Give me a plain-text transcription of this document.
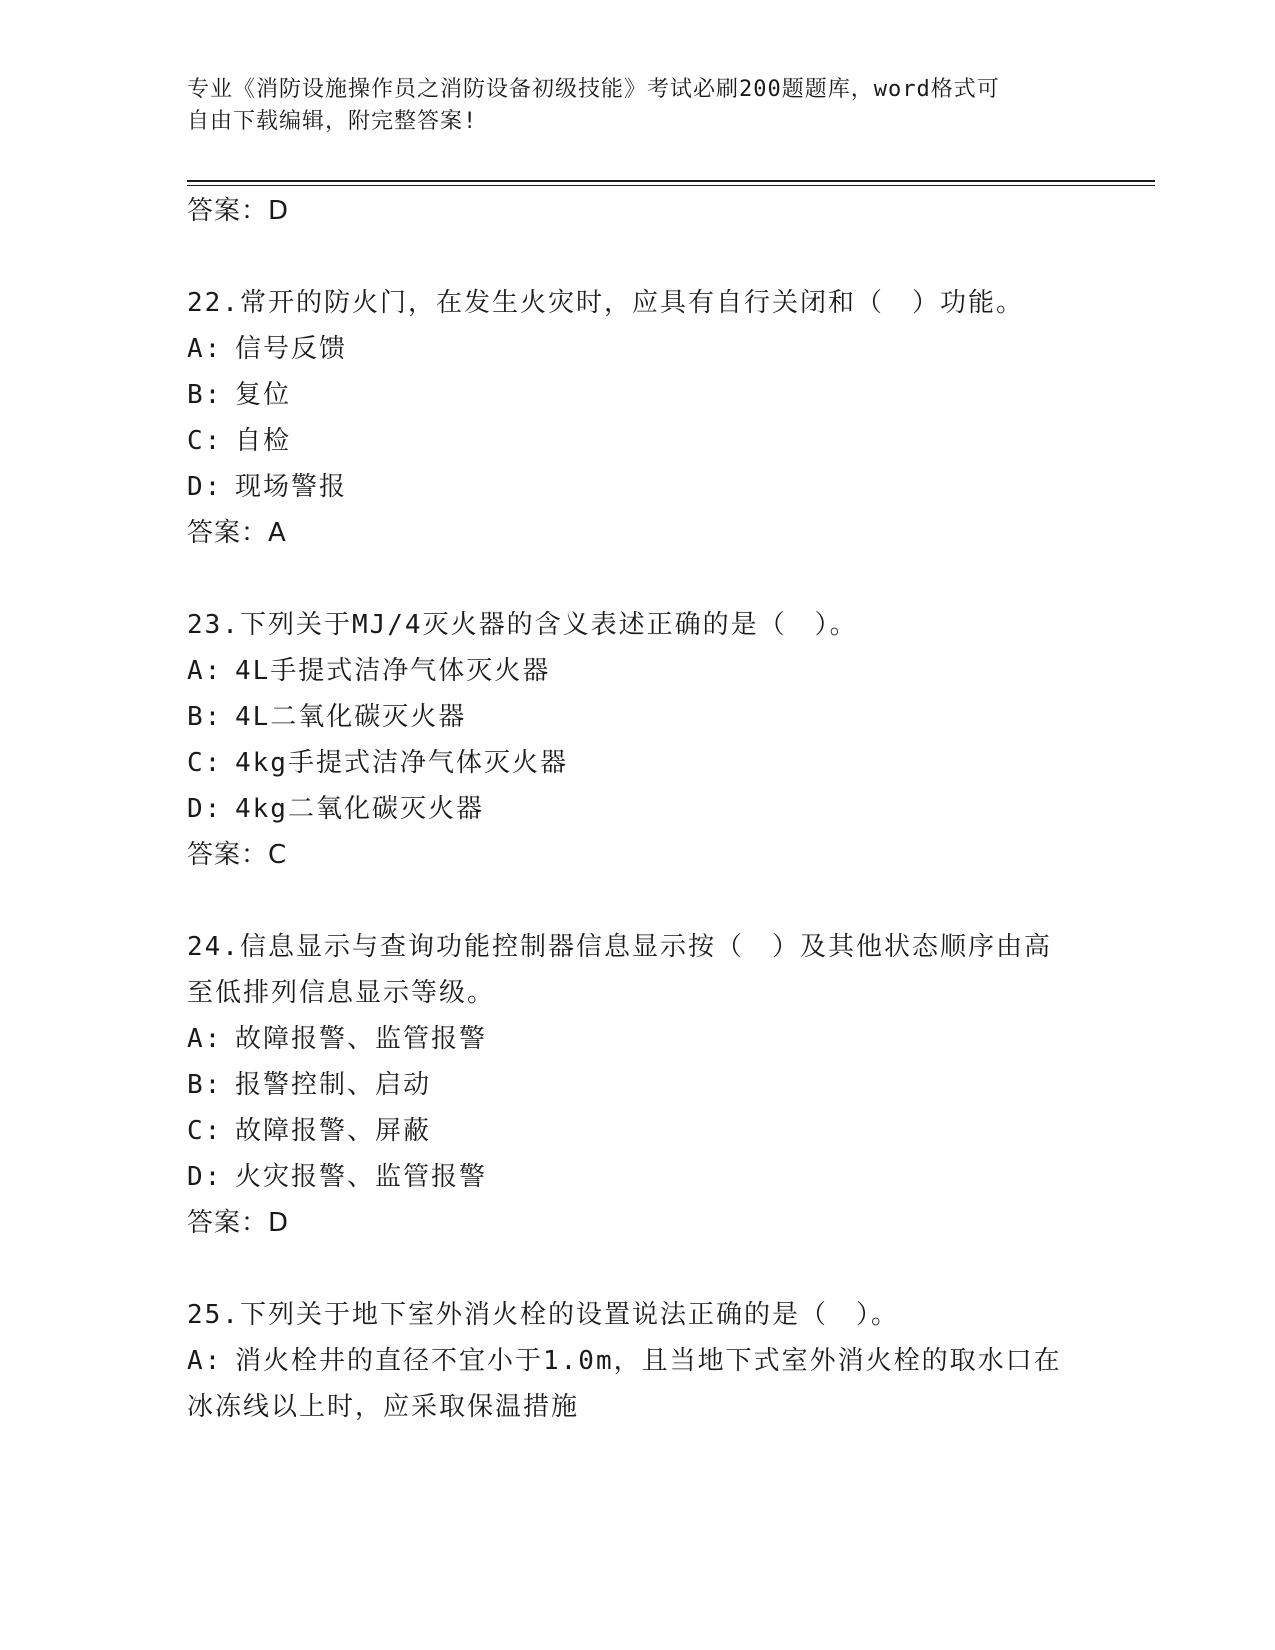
专业《消防设施操作员之消防设备初级技能》考试必刷200题题库，word格式可
自由下载编辑，附完整答案!
答案：D
22.常开的防火门，在发生火灾时，应具有自行关闭和（　）功能。
A: 信号反馈
B: 复位
C: 自检
D: 现场警报
答案：A
23.下列关于MJ/4灭火器的含义表述正确的是（　）。
A: 4L手提式洁净气体灭火器
B: 4L二氧化碳灭火器
C: 4kg手提式洁净气体灭火器
D: 4kg二氧化碳灭火器
答案：C
24.信息显示与查询功能控制器信息显示按（　）及其他状态顺序由高
至低排列信息显示等级。
A: 故障报警、监管报警
B: 报警控制、启动
C: 故障报警、屏蔽
D: 火灾报警、监管报警
答案：D
25.下列关于地下室外消火栓的设置说法正确的是（　）。
A: 消火栓井的直径不宜小于1.0m，且当地下式室外消火栓的取水口在
冰冻线以上时，应采取保温措施
